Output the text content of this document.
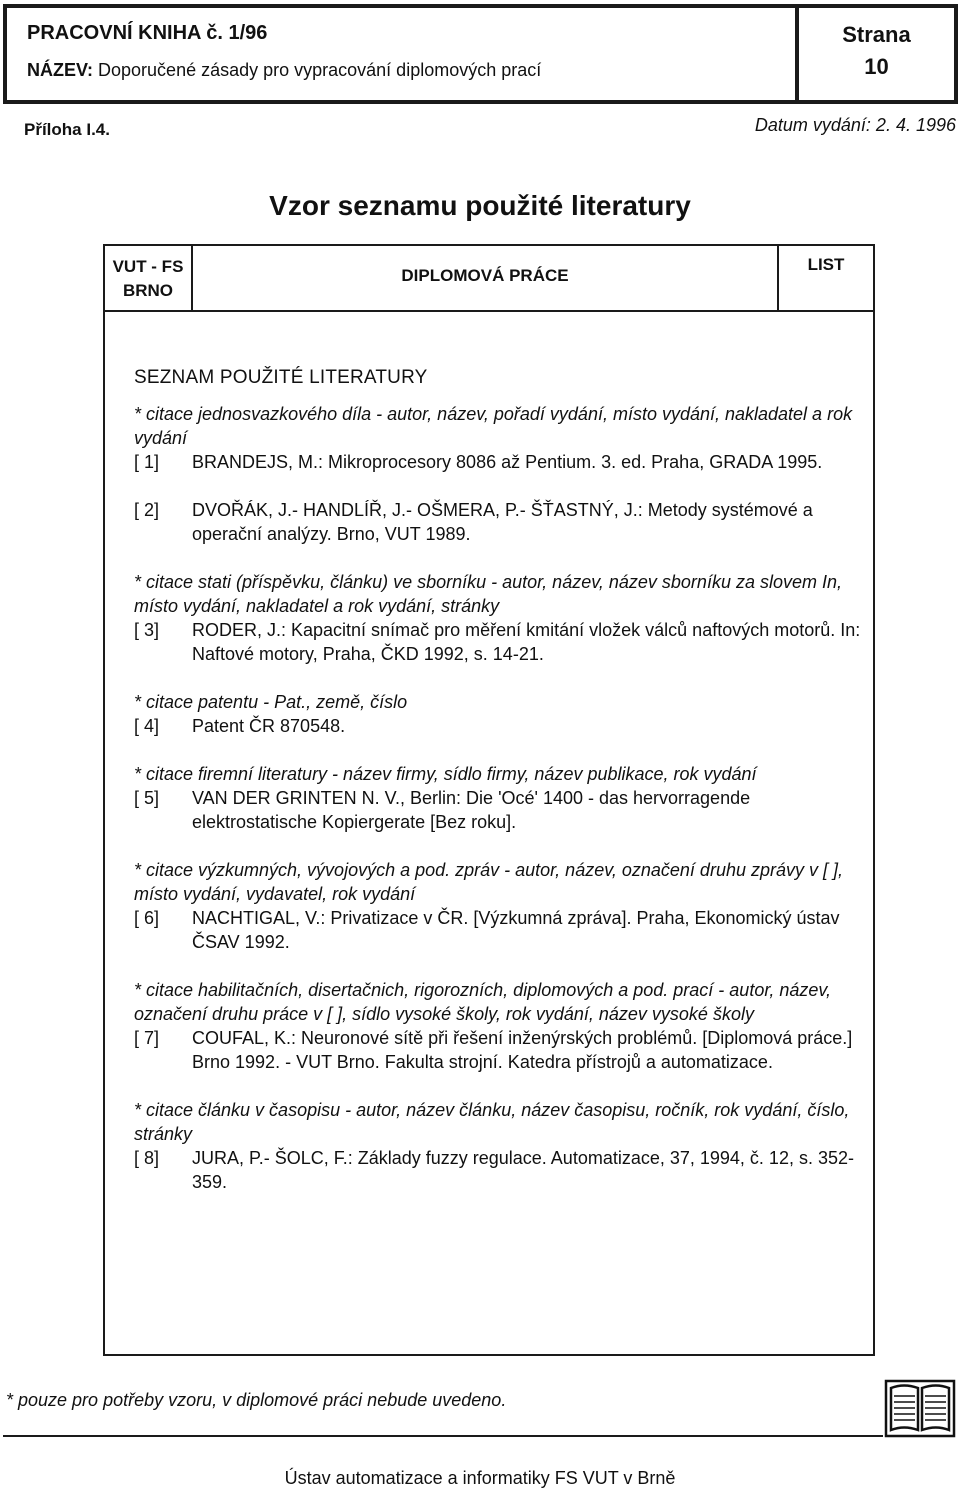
PRACOVNÍ KNIHA č. 1/96
NÁZEV: Doporučené zásady pro vypracování diplomových prací
Strana
10
Příloha I.4.	Datum vydání: 2. 4. 1996
Vzor seznamu použité literatury
VUT - FS
BRNO
DIPLOMOVÁ PRÁCE
LIST
SEZNAM POUŽITÉ LITERATURY
* citace jednosvazkového díla - autor, název, pořadí vydání, místo vydání, nakladatel a rok vydání
[ 1]	BRANDEJS, M.: Mikroprocesory 8086 až Pentium. 3. ed. Praha, GRADA 1995.
[ 2]	DVOŘÁK, J.- HANDLÍŘ, J.- OŠMERA, P.- ŠŤASTNÝ, J.: Metody systémové a operační analýzy. Brno, VUT 1989.
* citace stati (příspěvku, článku) ve sborníku - autor, název, název sborníku za slovem In, místo vydání, nakladatel a rok vydání, stránky
[ 3]	RODER, J.: Kapacitní snímač pro měření kmitání vložek válců naftových motorů. In: Naftové motory, Praha, ČKD 1992, s. 14-21.
* citace patentu - Pat., země, číslo
[ 4]	Patent ČR 870548.
* citace firemní literatury - název firmy, sídlo firmy, název publikace, rok vydání
[ 5]	VAN DER GRINTEN N. V., Berlin: Die 'Océ' 1400 - das hervorragende elektrostatische Kopiergerate [Bez roku].
* citace výzkumných, vývojových a pod. zpráv - autor, název, označení druhu zprávy v [ ], místo vydání, vydavatel, rok vydání
[ 6]	NACHTIGAL, V.: Privatizace v ČR. [Výzkumná zpráva]. Praha, Ekonomický ústav ČSAV 1992.
* citace habilitačních, disertačnich, rigorozních, diplomových a pod. prací - autor, název, označení druhu práce v [ ], sídlo vysoké školy, rok vydání, název vysoké školy
[ 7]	COUFAL, K.: Neuronové sítě při řešení inženýrských problémů. [Diplomová práce.] Brno 1992. - VUT Brno. Fakulta strojní. Katedra přístrojů a automatizace.
* citace článku v časopisu - autor, název článku, název časopisu, ročník, rok vydání, číslo, stránky
[ 8]	JURA, P.- ŠOLC, F.: Základy fuzzy regulace. Automatizace, 37, 1994, č. 12, s. 352-359.
* pouze pro potřeby vzoru, v diplomové práci nebude uvedeno.
Ústav automatizace a informatiky FS VUT v Brně
